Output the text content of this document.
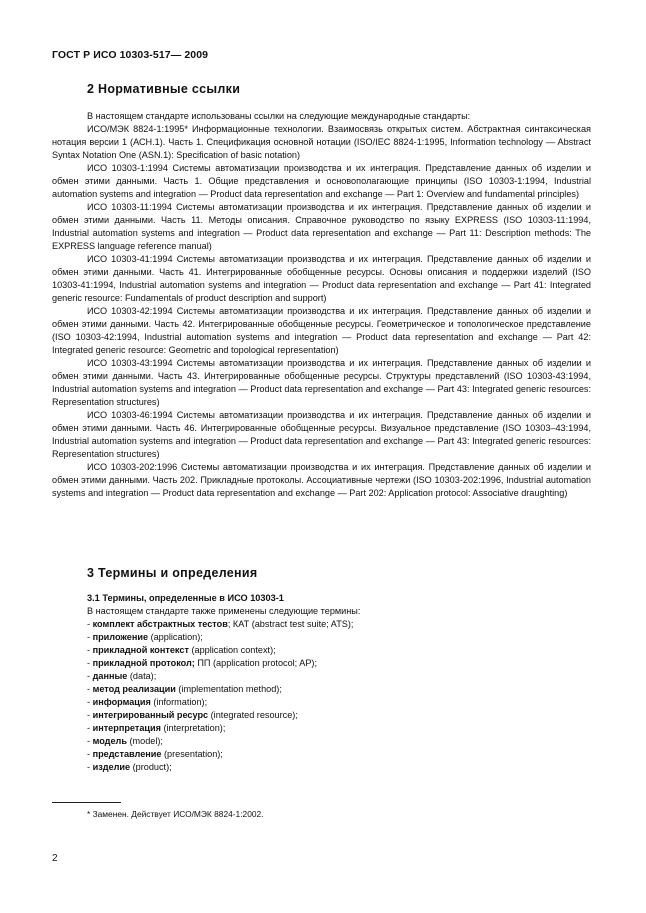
ГОСТ Р ИСО 10303-517— 2009
2 Нормативные ссылки

В настоящем стандарте использованы ссылки на следующие международные стандарты:

ИСО/МЭК 8824-1:1995* Информационные технологии. Взаимосвязь открытых систем. Абстрактная синтаксическая нотация версии 1 (АСН.1). Часть 1. Спецификация основной нотации (ISO/IEC 8824-1:1995, Information technology — Abstract Syntax Notation One (ASN.1): Specification of basic notation)

ИСО 10303-1:1994 Системы автоматизации производства и их интеграция. Представление данных об изделии и обмен этими данными. Часть 1. Общие представления и основополагающие принципы (ISO 10303-1:1994, Industrial automation systems and integration — Product data representation and exchange — Part 1: Overview and fundamental principles)

ИСО 10303-11:1994 Системы автоматизации производства и их интеграция. Представление данных об изделии и обмен этими данными. Часть 11. Методы описания. Справочное руководство по языку EXPRESS (ISO 10303-11:1994, Industrial automation systems and integration — Product data representation and exchange — Part 11: Description methods: The EXPRESS language reference manual)

ИСО 10303-41:1994 Системы автоматизации производства и их интеграция. Представление данных об изделии и обмен этими данными. Часть 41. Интегрированные обобщенные ресурсы. Основы описания и поддержки изделий (ISO 10303-41:1994, Industrial automation systems and integration — Product data representation and exchange — Part 41: Integrated generic resource: Fundamentals of product description and support)

ИСО 10303-42:1994 Системы автоматизации производства и их интеграция. Представление данных об изделии и обмен этими данными. Часть 42. Интегрированные обобщенные ресурсы. Геометрическое и топологическое представление (ISO 10303-42:1994, Industrial automation systems and integration — Product data representation and exchange — Part 42: Integrated generic resource: Geometric and topological representation)

ИСО 10303-43:1994 Системы автоматизации производства и их интеграция. Представление данных об изделии и обмен этими данными. Часть 43. Интегрированные обобщенные ресурсы. Структуры представлений (ISO 10303-43:1994, Industrial automation systems and integration — Product data representation and exchange — Part 43: Integrated generic resources: Representation structures)

ИСО 10303-46:1994 Системы автоматизации производства и их интеграция. Представление данных об изделии и обмен этими данными. Часть 46. Интегрированные обобщенные ресурсы. Визуальное представление (ISO 10303–43:1994, Industrial automation systems and integration — Product data representation and exchange — Part 43: Integrated generic resources: Representation structures)

ИСО 10303-202:1996 Системы автоматизации производства и их интеграция. Представление данных об изделии и обмен этими данными. Часть 202. Прикладные протоколы. Ассоциативные чертежи (ISO 10303-202:1996, Industrial automation systems and integration — Product data representation and exchange — Part 202: Application protocol: Associative draughting)

3 Термины и определения
3.1 Термины, определенные в ИСО 10303-1
В настоящем стандарте также применены следующие термины:
- комплект абстрактных тестов; КАТ (abstract test suite; ATS);
- приложение (application);
- прикладной контекст (application context);
- прикладной протокол; ПП (application protocol; AP);
- данные (data);
- метод реализации (implementation method);
- информация (information);
- интегрированный ресурс (integrated resource);
- интерпретация (interpretation);
- модель (model);
- представление (presentation);
- изделие (product);
* Заменен. Действует ИСО/МЭК 8824-1:2002.
2
